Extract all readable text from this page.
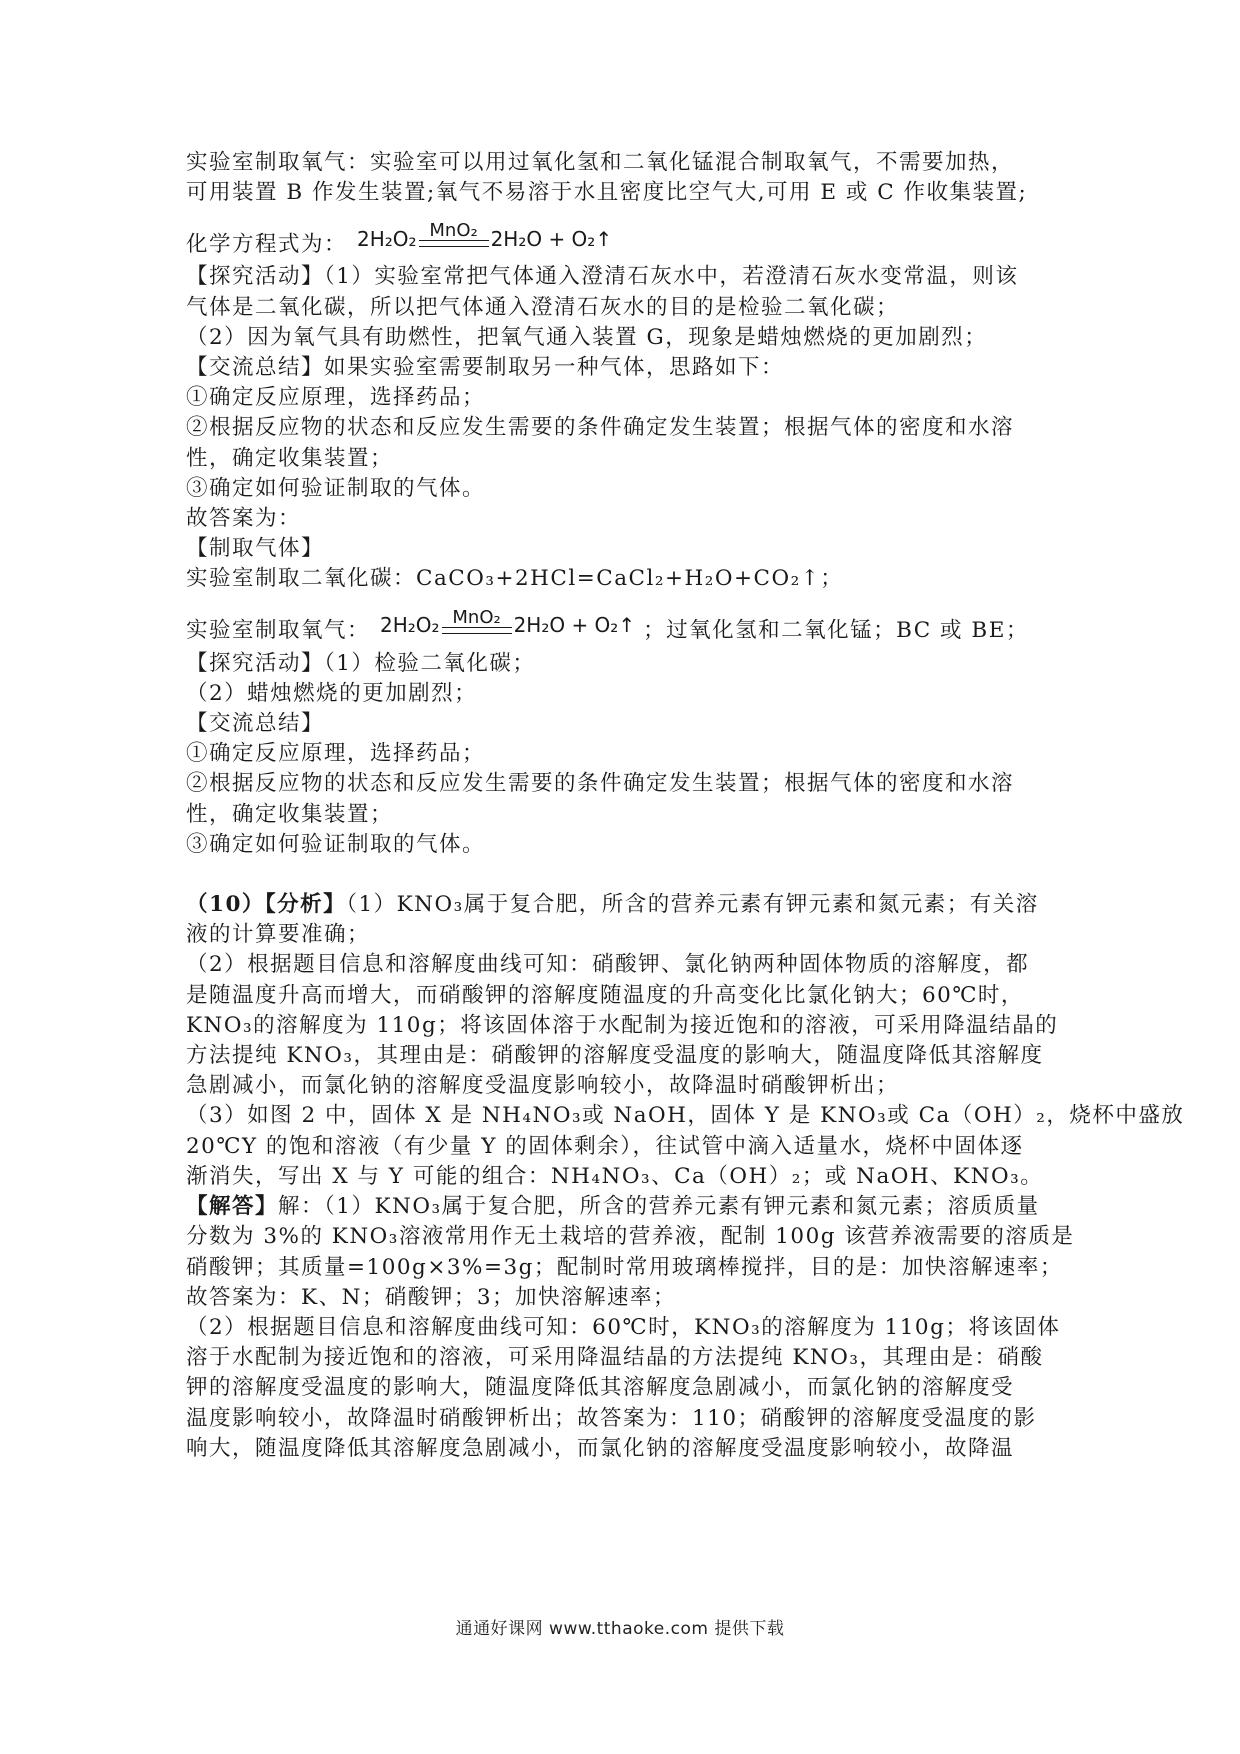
实验室制取氧气：实验室可以用过氧化氢和二氧化锰混合制取氧气，不需要加热，
可用装置 B 作发生装置;氧气不易溶于水且密度比空气大,可用 E 或 C 作收集装置;
化学方程式为： 2H₂O₂ MnO₂ 2H₂O + O₂↑
【探究活动】（1）实验室常把气体通入澄清石灰水中，若澄清石灰水变常温，则该
气体是二氧化碳，所以把气体通入澄清石灰水的目的是检验二氧化碳；
（2）因为氧气具有助燃性，把氧气通入装置 G，现象是蜡烛燃烧的更加剧烈；
【交流总结】如果实验室需要制取另一种气体，思路如下：
①确定反应原理，选择药品；
②根据反应物的状态和反应发生需要的条件确定发生装置；根据气体的密度和水溶
性，确定收集装置；
③确定如何验证制取的气体。
故答案为：
【制取气体】
实验室制取二氧化碳：CaCO₃+2HCl=CaCl₂+H₂O+CO₂↑；
实验室制取氧气： 2H₂O₂ MnO₂ 2H₂O + O₂↑ ；过氧化氢和二氧化锰；BC 或 BE；
【探究活动】（1）检验二氧化碳；
（2）蜡烛燃烧的更加剧烈；
【交流总结】
①确定反应原理，选择药品；
②根据反应物的状态和反应发生需要的条件确定发生装置；根据气体的密度和水溶
性，确定收集装置；
③确定如何验证制取的气体。
（10）【分析】（1）KNO₃属于复合肥，所含的营养元素有钾元素和氮元素；有关溶
液的计算要准确；
（2）根据题目信息和溶解度曲线可知：硝酸钾、氯化钠两种固体物质的溶解度，都
是随温度升高而增大，而硝酸钾的溶解度随温度的升高变化比氯化钠大；60℃时，
KNO₃的溶解度为 110g；将该固体溶于水配制为接近饱和的溶液，可采用降温结晶的
方法提纯 KNO₃，其理由是：硝酸钾的溶解度受温度的影响大，随温度降低其溶解度
急剧减小，而氯化钠的溶解度受温度影响较小，故降温时硝酸钾析出；
（3）如图 2 中，固体 X 是 NH₄NO₃或 NaOH，固体 Y 是 KNO₃或 Ca（OH）₂，烧杯中盛放
20℃Y 的饱和溶液（有少量 Y 的固体剩余），往试管中滴入适量水，烧杯中固体逐
渐消失，写出 X 与 Y 可能的组合：NH₄NO₃、Ca（OH）₂；或 NaOH、KNO₃。
【解答】解：（1）KNO₃属于复合肥，所含的营养元素有钾元素和氮元素；溶质质量
分数为 3%的 KNO₃溶液常用作无土栽培的营养液，配制 100g 该营养液需要的溶质是
硝酸钾；其质量=100g×3%=3g；配制时常用玻璃棒搅拌，目的是：加快溶解速率；
故答案为：K、N；硝酸钾；3；加快溶解速率；
（2）根据题目信息和溶解度曲线可知：60℃时，KNO₃的溶解度为 110g；将该固体
溶于水配制为接近饱和的溶液，可采用降温结晶的方法提纯 KNO₃，其理由是：硝酸
钾的溶解度受温度的影响大，随温度降低其溶解度急剧减小，而氯化钠的溶解度受
温度影响较小，故降温时硝酸钾析出；故答案为：110；硝酸钾的溶解度受温度的影
响大，随温度降低其溶解度急剧减小，而氯化钠的溶解度受温度影响较小，故降温
通通好课网 www.tthaoke.com 提供下载
